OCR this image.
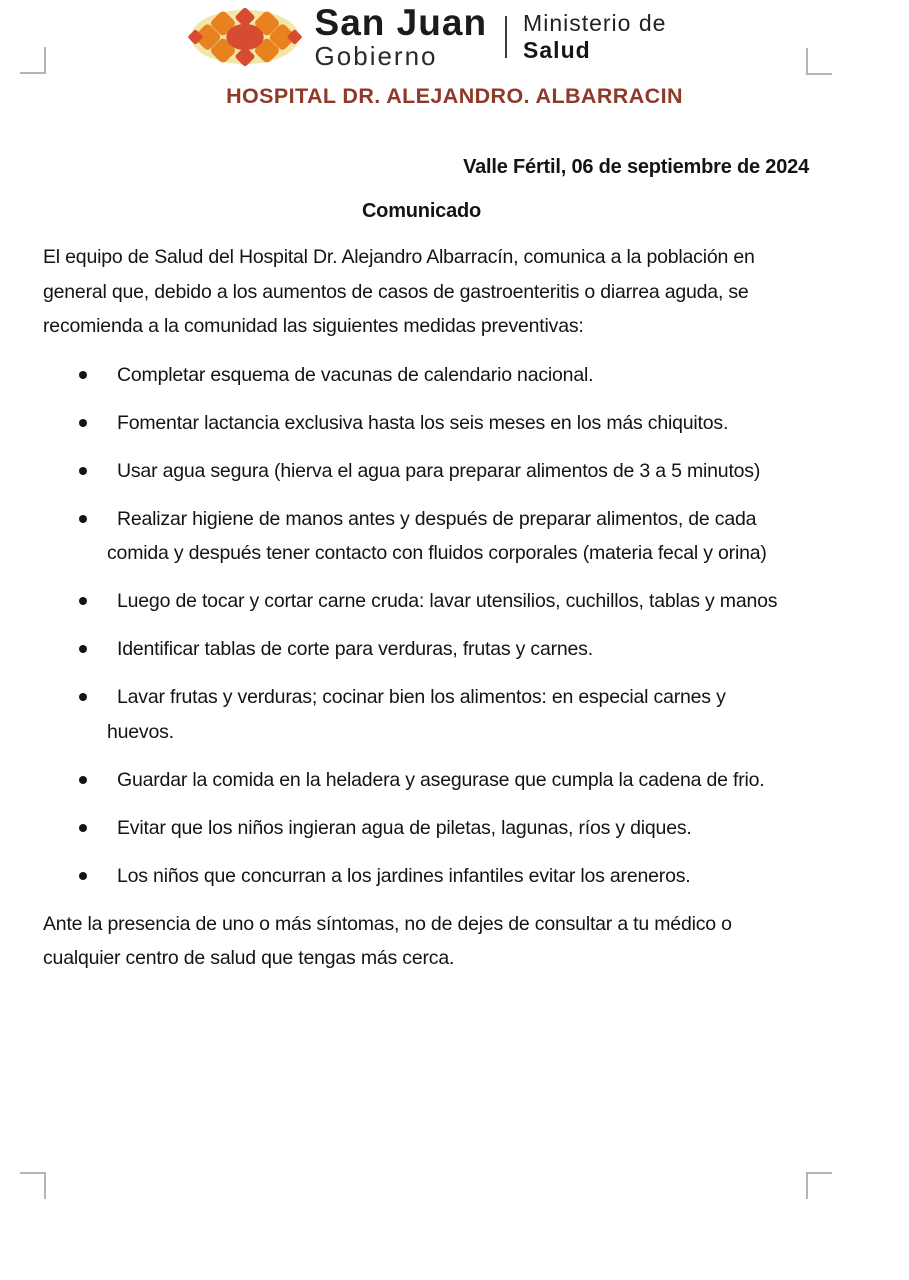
San Juan
Gobierno
Ministerio de
Salud
HOSPITAL DR. ALEJANDRO. ALBARRACIN

Valle Fértil, 06 de septiembre de 2024

Comunicado

El equipo de Salud del Hospital Dr. Alejandro Albarracín, comunica a la población en general que, debido a los aumentos de casos de gastroenteritis o diarrea aguda, se recomienda a la comunidad las siguientes medidas preventivas:

Completar esquema de vacunas de calendario nacional.
Fomentar lactancia exclusiva hasta los seis meses en los más chiquitos.
Usar agua segura (hierva el agua para preparar alimentos de 3 a 5 minutos)
Realizar higiene de manos antes y después de preparar alimentos, de cada comida y después tener contacto con fluidos corporales (materia fecal y orina)
Luego de tocar y cortar carne cruda: lavar utensilios, cuchillos, tablas y manos
Identificar tablas de corte para verduras, frutas y carnes.
Lavar frutas y verduras; cocinar bien los alimentos: en especial carnes y huevos.
Guardar la comida en la heladera y asegurase que cumpla la cadena de frio.
Evitar que los niños ingieran agua de piletas, lagunas, ríos y diques.
Los niños que concurran a los jardines infantiles evitar los areneros.

Ante la presencia de uno o más síntomas, no de dejes de consultar a tu médico o cualquier centro de salud que tengas más cerca.
